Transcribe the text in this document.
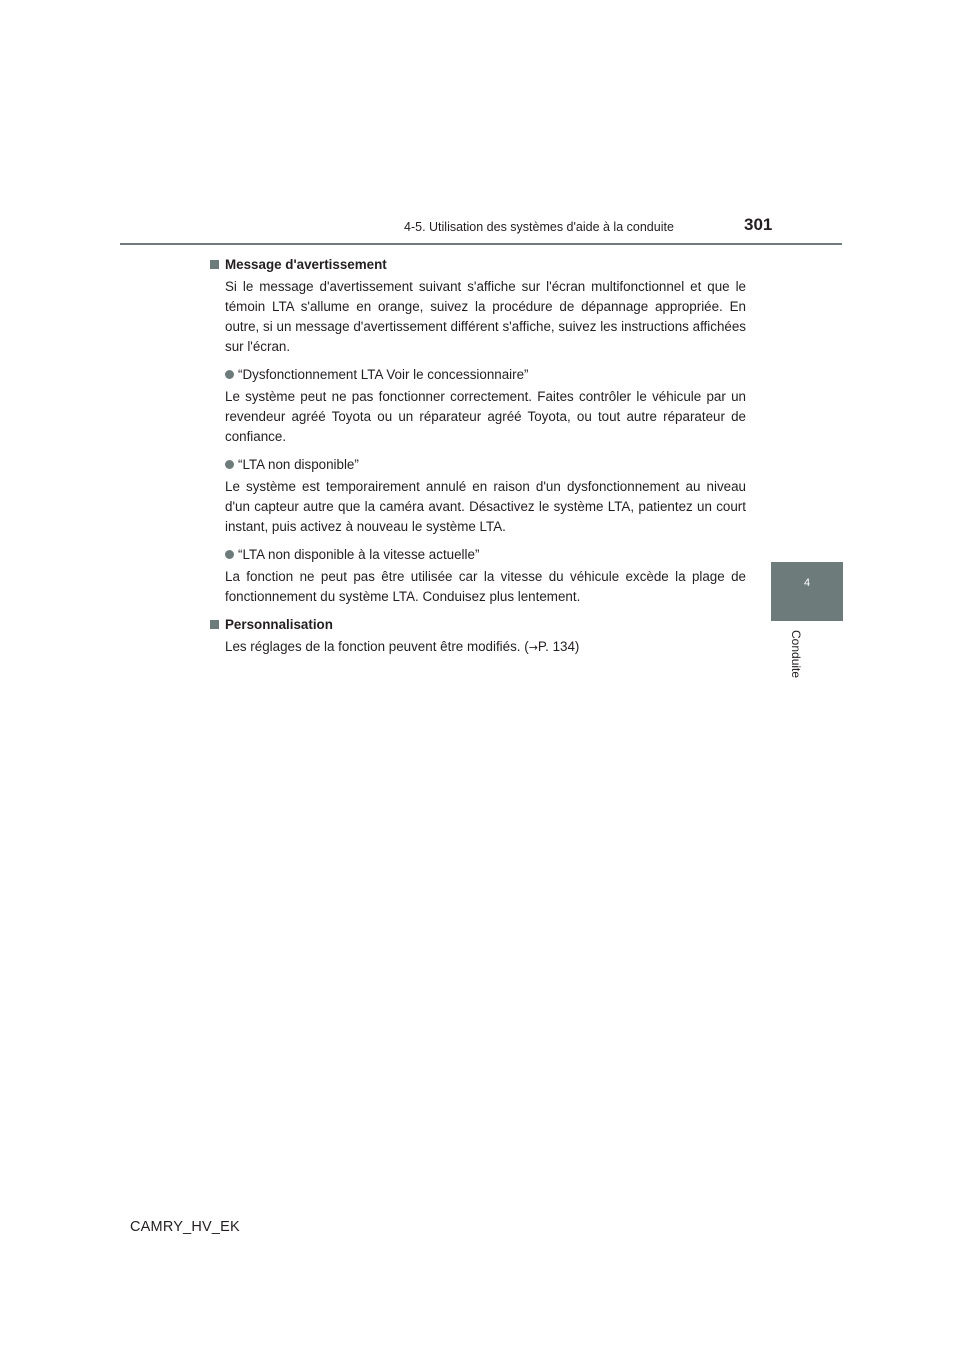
4-5. Utilisation des systèmes d'aide à la conduite	301
4
Conduite
Message d'avertissement

Si le message d'avertissement suivant s'affiche sur l'écran multifonctionnel et que le témoin LTA s'allume en orange, suivez la procédure de dépannage appropriée. En outre, si un message d'avertissement différent s'affiche, suivez les instructions affichées sur l'écran.

“Dysfonctionnement LTA Voir le concessionnaire”

Le système peut ne pas fonctionner correctement. Faites contrôler le véhicule par un revendeur agréé Toyota ou un réparateur agréé Toyota, ou tout autre réparateur de confiance.

“LTA non disponible”

Le système est temporairement annulé en raison d'un dysfonctionnement au niveau d'un capteur autre que la caméra avant. Désactivez le système LTA, patientez un court instant, puis activez à nouveau le système LTA.

“LTA non disponible à la vitesse actuelle”

La fonction ne peut pas être utilisée car la vitesse du véhicule excède la plage de fonctionnement du système LTA. Conduisez plus lentement.

Personnalisation

Les réglages de la fonction peuvent être modifiés. (→P. 134)

CAMRY_HV_EK
